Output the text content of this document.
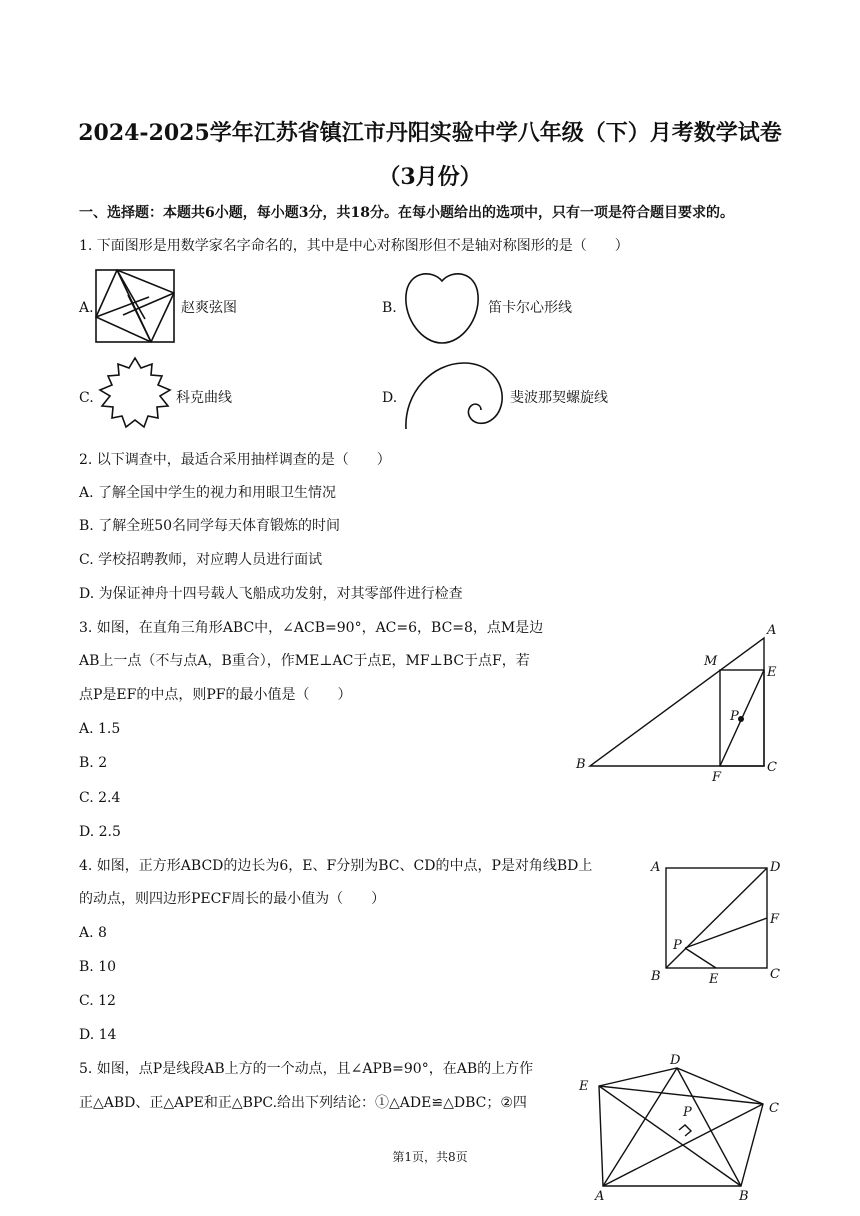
2024-2025学年江苏省镇江市丹阳实验中学八年级（下）月考数学试卷
（3月份）
一、选择题：本题共6小题，每小题3分，共18分。在每小题给出的选项中，只有一项是符合题目要求的。
1. 下面图形是用数学家名字命名的，其中是中心对称图形但不是轴对称图形的是（　　）
A.	赵爽弦图	B.	笛卡尔心形线
C.	科克曲线	D.	斐波那契螺旋线
2. 以下调查中，最适合采用抽样调查的是（　　）
A. 了解全国中学生的视力和用眼卫生情况
B. 了解全班50名同学每天体育锻炼的时间
C. 学校招聘教师，对应聘人员进行面试
D. 为保证神舟十四号载人飞船成功发射，对其零部件进行检查
3. 如图，在直角三角形ABC中，∠ACB=90°，AC=6，BC=8，点M是边
AB上一点（不与点A，B重合），作ME⊥AC于点E，MF⊥BC于点F，若
点P是EF的中点，则PF的最小值是（　　）
A. 1.5
B. 2
C. 2.4
D. 2.5
A
M
E
P
B
F
C
4. 如图，正方形ABCD的边长为6，E、F分别为BC、CD的中点，P是对角线BD上
的动点，则四边形PECF周长的最小值为（　　）
A. 8
B. 10
C. 12
D. 14
A	D
F
P
B	E	C
5. 如图，点P是线段AB上方的一个动点，且∠APB=90°，在AB的上方作
正△ABD、正△APE和正△BPC.给出下列结论：①△ADE≌△DBC；②四
D
E
P	C
A	B
第1页，共8页
